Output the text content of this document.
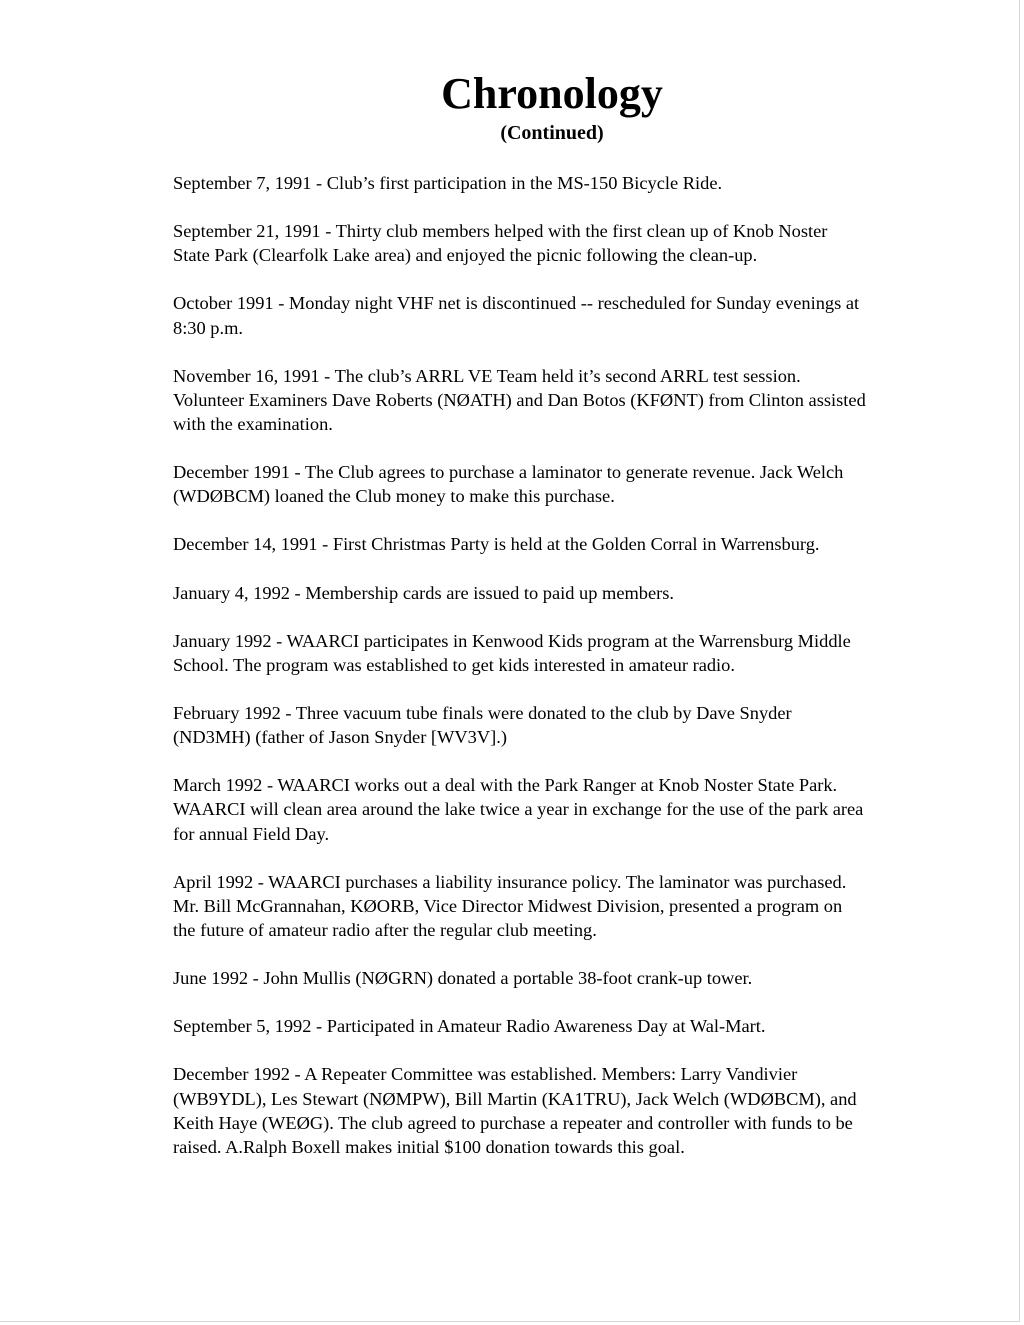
Chronology
(Continued)
September 7, 1991 - Club’s first participation in the MS-150 Bicycle Ride.
September 21, 1991 - Thirty club members helped with the first clean up of Knob Noster
State Park (Clearfolk Lake area) and enjoyed the picnic following the clean-up.
October 1991 - Monday night VHF net is discontinued -- rescheduled for Sunday evenings at
8:30 p.m.
November 16, 1991 - The club’s ARRL VE Team held it’s second ARRL test session.
Volunteer Examiners Dave Roberts (NØATH) and Dan Botos (KFØNT) from Clinton assisted
with the examination.
December 1991 - The Club agrees to purchase a laminator to generate revenue. Jack Welch
(WDØBCM) loaned the Club money to make this purchase.
December 14, 1991 - First Christmas Party is held at the Golden Corral in Warrensburg.
January 4, 1992 - Membership cards are issued to paid up members.
January 1992 - WAARCI participates in Kenwood Kids program at the Warrensburg Middle
School. The program was established to get kids interested in amateur radio.
February 1992 - Three vacuum tube finals were donated to the club by Dave Snyder
(ND3MH) (father of Jason Snyder [WV3V].)
March 1992 - WAARCI works out a deal with the Park Ranger at Knob Noster State Park.
WAARCI will clean area around the lake twice a year in exchange for the use of the park area
for annual Field Day.
April 1992 - WAARCI purchases a liability insurance policy. The laminator was purchased.
Mr. Bill McGrannahan, KØORB, Vice Director Midwest Division, presented a program on
the future of amateur radio after the regular club meeting.
June 1992 - John Mullis (NØGRN) donated a portable 38-foot crank-up tower.
September 5, 1992 - Participated in Amateur Radio Awareness Day at Wal-Mart.
December 1992 - A Repeater Committee was established. Members: Larry Vandivier
(WB9YDL), Les Stewart (NØMPW), Bill Martin (KA1TRU), Jack Welch (WDØBCM), and
Keith Haye (WEØG). The club agreed to purchase a repeater and controller with funds to be
raised. A.Ralph Boxell makes initial $100 donation towards this goal.
